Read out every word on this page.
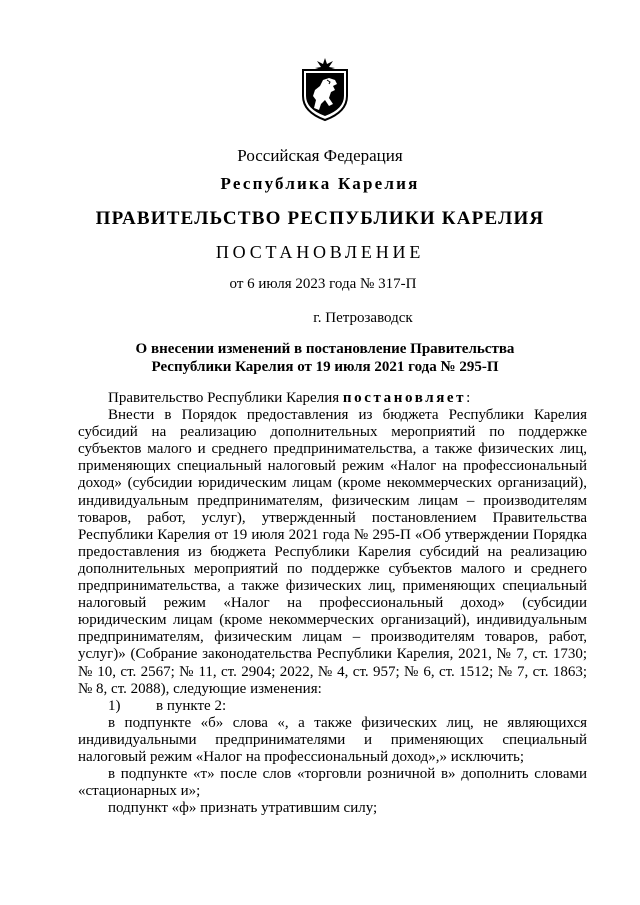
Российская Федерация
Республика Карелия
ПРАВИТЕЛЬСТВО РЕСПУБЛИКИ КАРЕЛИЯ
ПОСТАНОВЛЕНИЕ
от 6 июля 2023 года № 317-П
г. Петрозаводск
О внесении изменений в постановление Правительства
Республики Карелия от 19 июля 2021 года № 295-П

Правительство Республики Карелия постановляет:

Внести в Порядок предоставления из бюджета Республики Карелия субсидий на реализацию дополнительных мероприятий по поддержке субъектов малого и среднего предпринимательства, а также физических лиц, применяющих специальный налоговый режим «Налог на профессиональный доход» (субсидии юридическим лицам (кроме некоммерческих организаций), индивидуальным предпринимателям, физическим лицам – производителям товаров, работ, услуг), утвержденный постановлением Правительства Республики Карелия от 19 июля 2021 года № 295-П «Об утверждении Порядка предоставления из бюджета Республики Карелия субсидий на реализацию дополнительных мероприятий по поддержке субъектов малого и среднего предпринимательства, а также физических лиц, применяющих специальный налоговый режим «Налог на профессиональный доход» (субсидии юридическим лицам (кроме некоммерческих организаций), индивидуальным предпринимателям, физическим лицам – производителям товаров, работ, услуг)» (Собрание законодательства Республики Карелия, 2021, № 7, ст. 1730; № 10, ст. 2567; № 11, ст. 2904; 2022, № 4, ст. 957; № 6, ст. 1512; № 7, ст. 1863; № 8, ст. 2088), следующие изменения:

1) в пункте 2:

в подпункте «б» слова «, а также физических лиц, не являющихся индивидуальными предпринимателями и применяющих специальный налоговый режим «Налог на профессиональный доход»,» исключить;

в подпункте «т» после слов «торговли розничной в» дополнить словами «стационарных и»;

подпункт «ф» признать утратившим силу;
